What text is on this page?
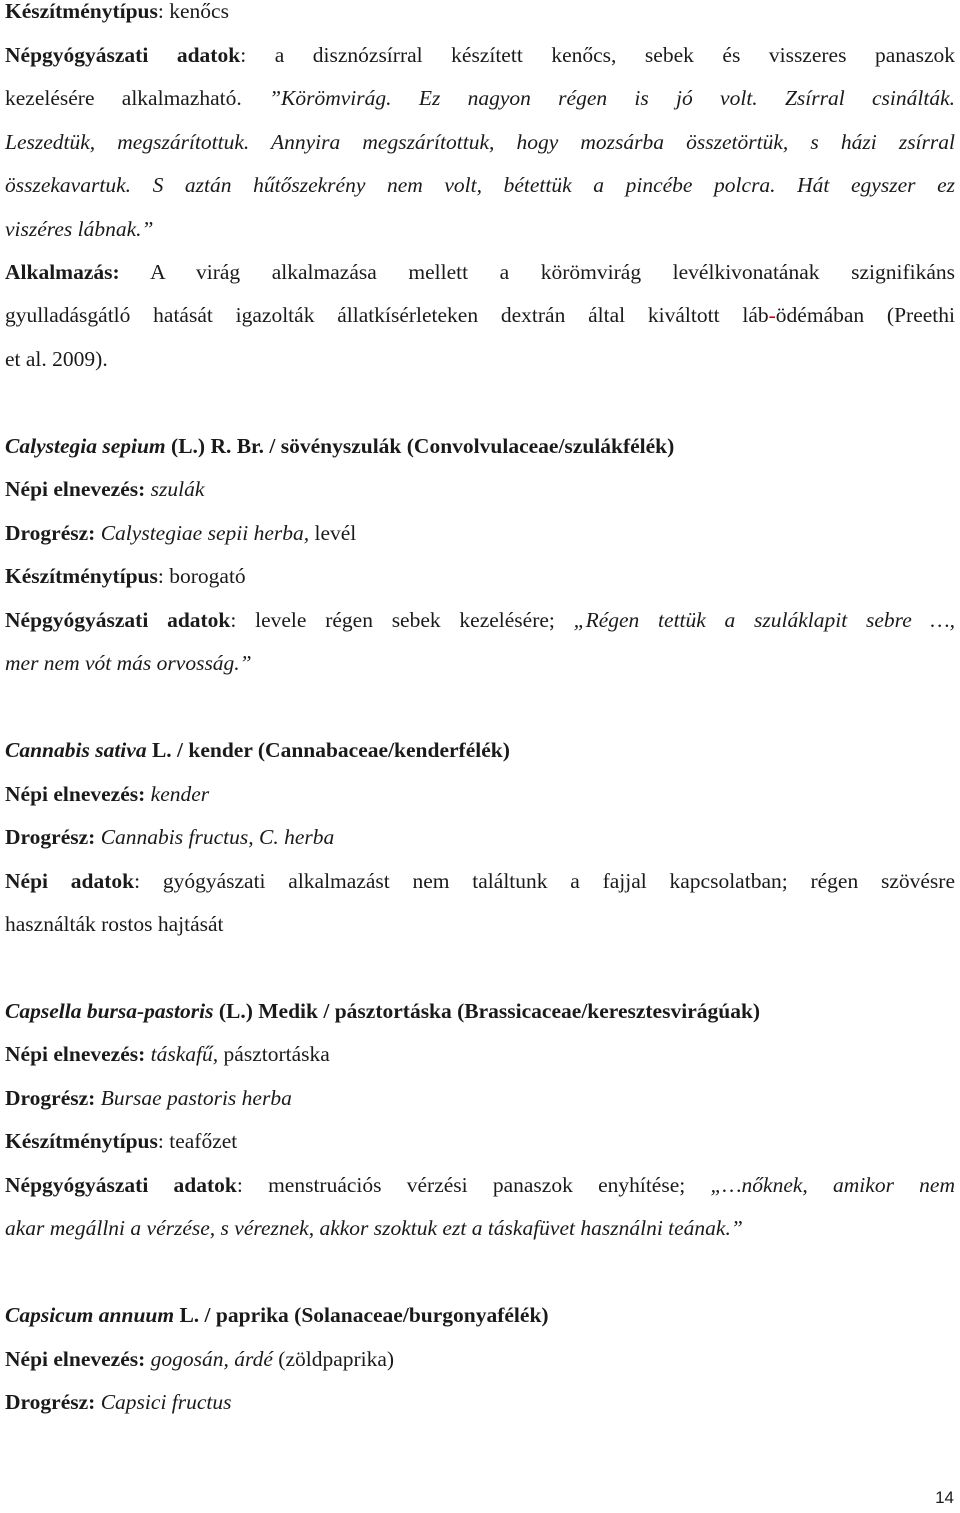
Készítménytípus: kenőcs
Népgyógyászati adatok: a disznózsírral készített kenőcs, sebek és visszeres panaszok
kezelésére alkalmazható. ”Körömvirág. Ez nagyon régen is jó volt. Zsírral csinálták.
Leszedtük, megszárítottuk. Annyira megszárítottuk, hogy mozsárba összetörtük, s házi zsírral
összekavartuk. S aztán hűtőszekrény nem volt, bétettük a pincébe polcra. Hát egyszer ez
viszéres lábnak.”
Alkalmazás: A virág alkalmazása mellett a körömvirág levélkivonatának szignifikáns
gyulladásgátló hatását igazolták állatkísérleteken dextrán által kiváltott láb-ödémában (Preethi
et al. 2009).
Calystegia sepium (L.) R. Br. / sövényszulák (Convolvulaceae/szulákfélék)
Népi elnevezés: szulák
Drogrész: Calystegiae sepii herba, levél
Készítménytípus: borogató
Népgyógyászati adatok: levele régen sebek kezelésére; „Régen tettük a szuláklapit sebre …,
mer nem vót más orvosság.”
Cannabis sativa L. / kender (Cannabaceae/kenderfélék)
Népi elnevezés: kender
Drogrész: Cannabis fructus, C. herba
Népi adatok: gyógyászati alkalmazást nem találtunk a fajjal kapcsolatban; régen szövésre
használták rostos hajtását
Capsella bursa-pastoris (L.) Medik / pásztortáska (Brassicaceae/keresztesvirágúak)
Népi elnevezés: táskafű, pásztortáska
Drogrész: Bursae pastoris herba
Készítménytípus: teafőzet
Népgyógyászati adatok: menstruációs vérzési panaszok enyhítése; „…nőknek, amikor nem
akar megállni a vérzése, s véreznek, akkor szoktuk ezt a táskafüvet használni teának.”
Capsicum annuum L. / paprika (Solanaceae/burgonyafélék)
Népi elnevezés: gogosán, árdé (zöldpaprika)
Drogrész: Capsici fructus
14
